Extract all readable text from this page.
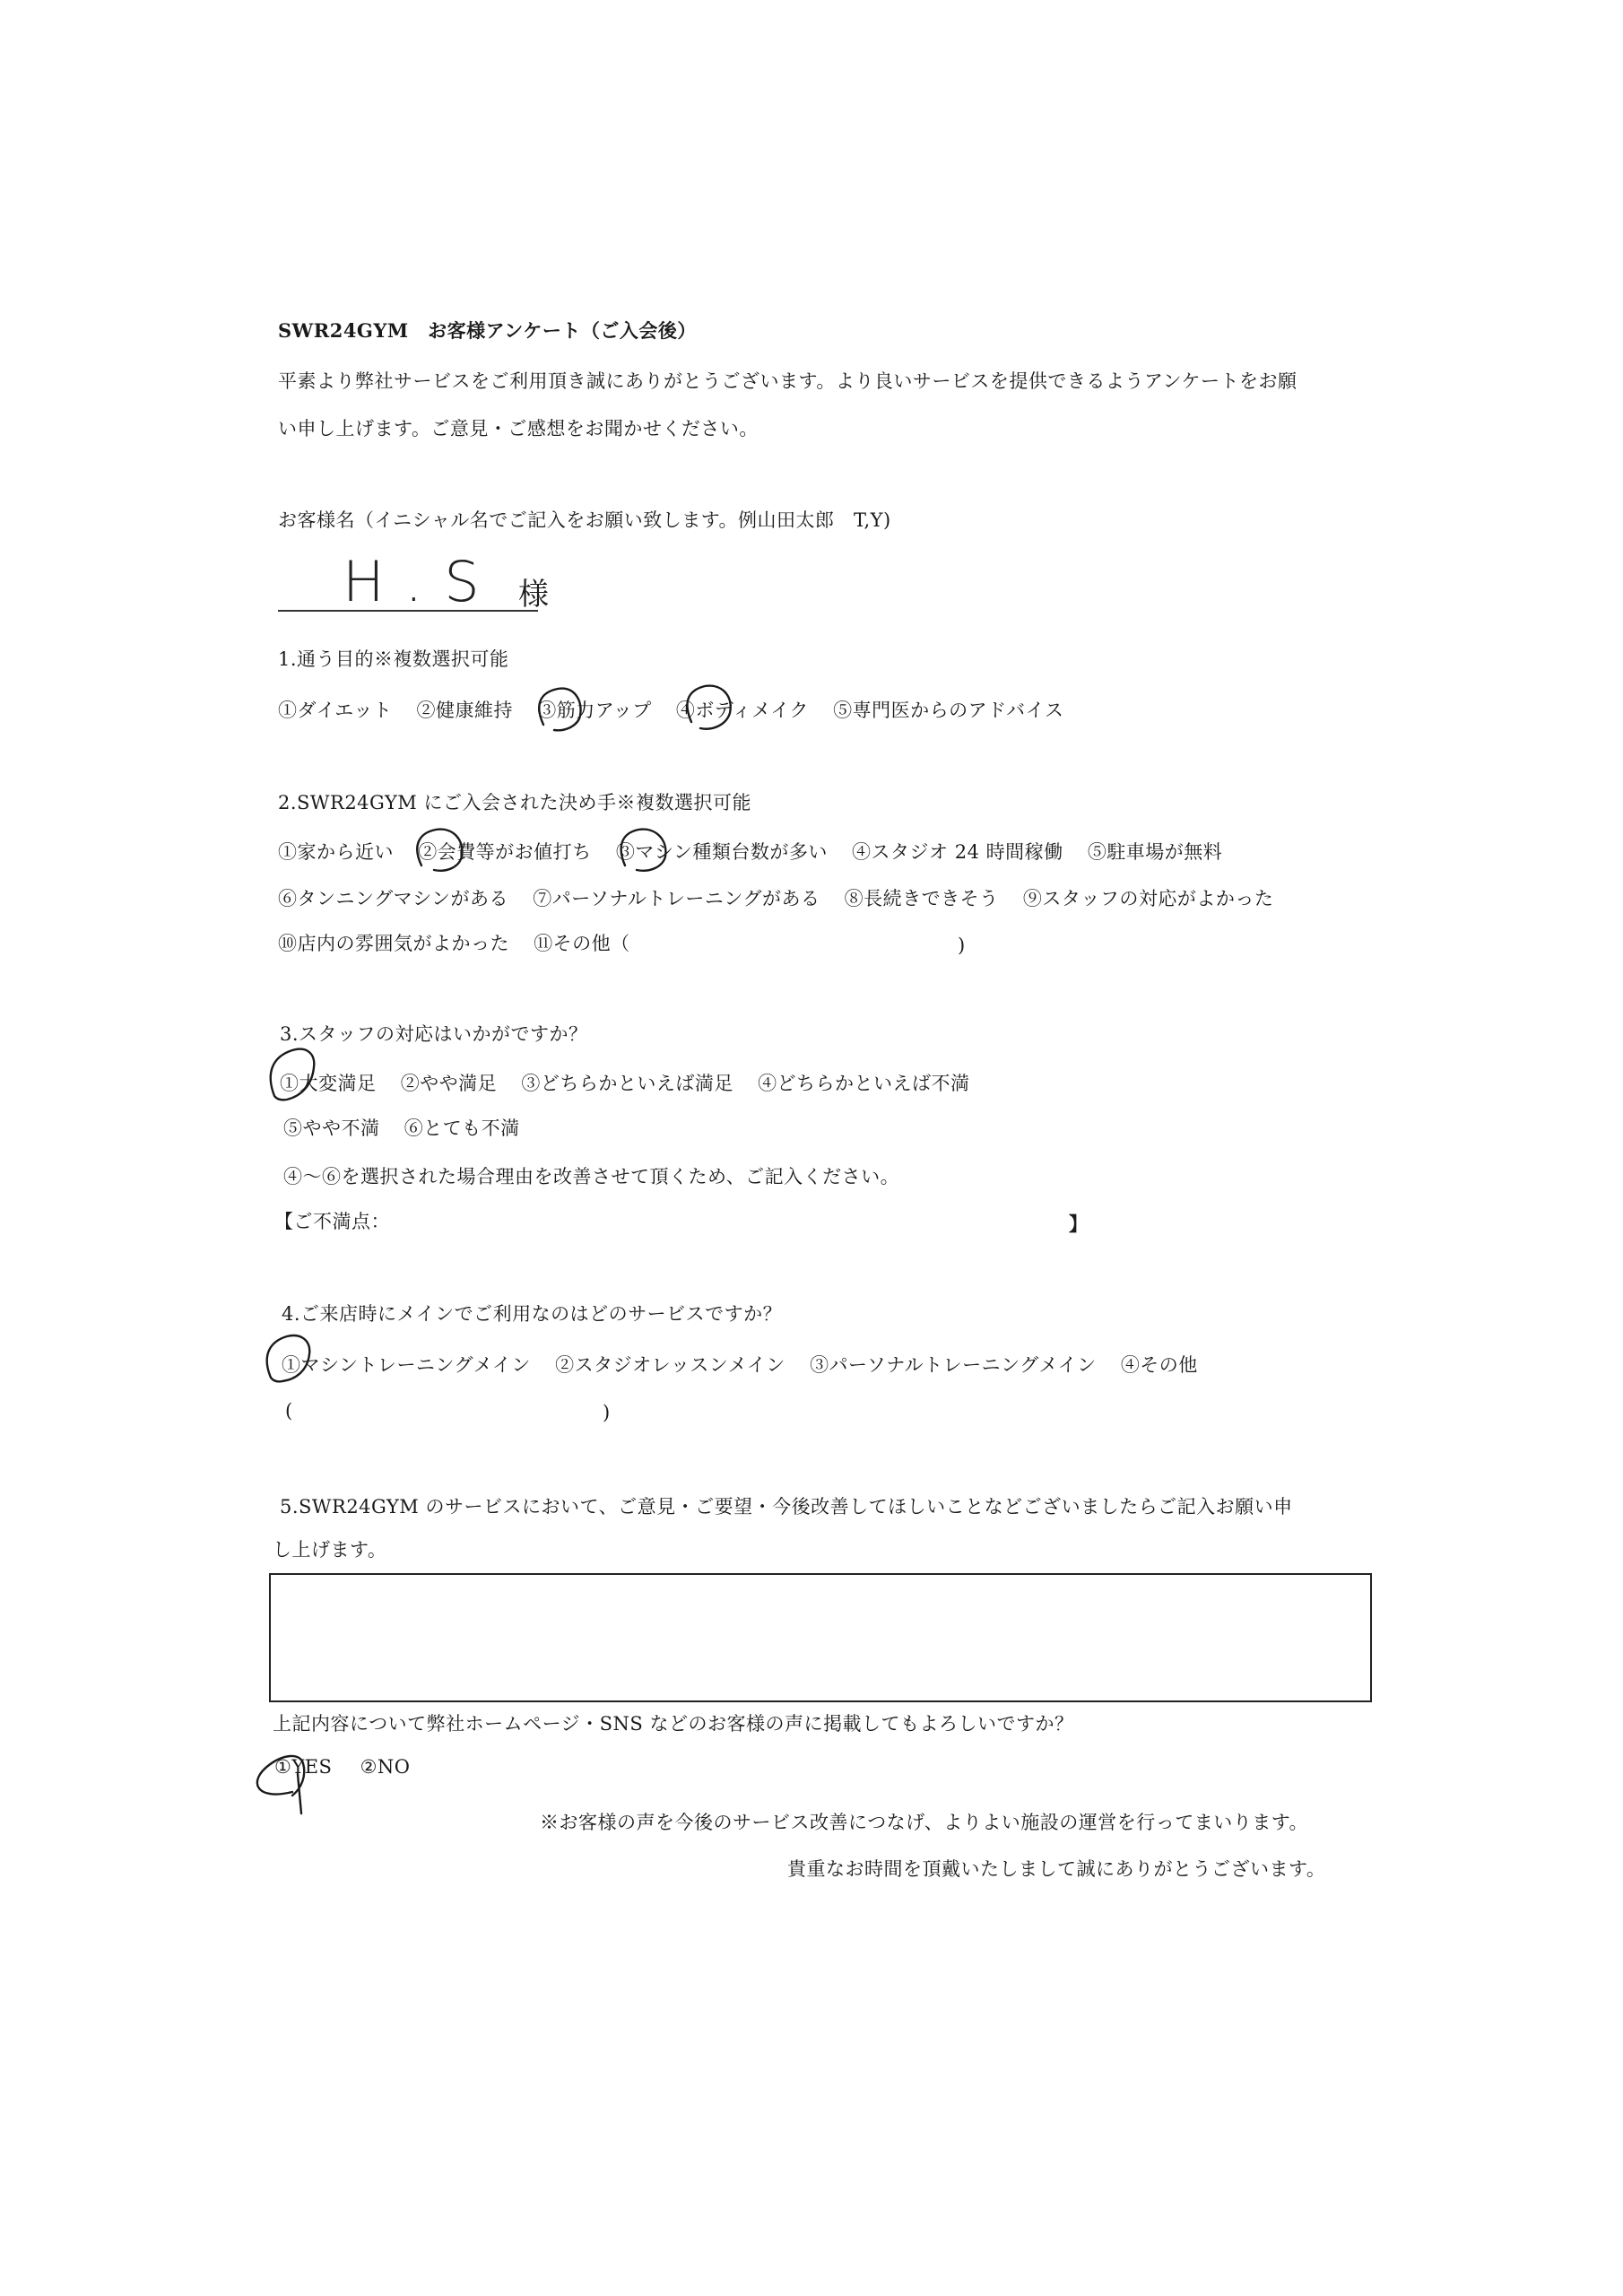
SWR24GYM　お客様アンケート（ご入会後）
平素より弊社サービスをご利用頂き誠にありがとうございます。より良いサービスを提供できるようアンケートをお願
い申し上げます。ご意見・ご感想をお聞かせください。
お客様名（イニシャル名でご記入をお願い致します。例山田太郎　T,Y)
H.S 様
1.通う目的※複数選択可能
①ダイエット ②健康維持 ③筋力アップ ④ボディメイク ⑤専門医からのアドバイス
2.SWR24GYM にご入会された決め手※複数選択可能
①家から近い ②会費等がお値打ち ③マシン種類台数が多い ④スタジオ 24 時間稼働 ⑤駐車場が無料
⑥タンニングマシンがある ⑦パーソナルトレーニングがある ⑧長続きできそう ⑨スタッフの対応がよかった
⑩店内の雰囲気がよかった ⑪その他（	)
3.スタッフの対応はいかがですか？
①大変満足 ②やや満足 ③どちらかといえば満足 ④どちらかといえば不満
⑤やや不満 ⑥とても不満
④～⑥を選択された場合理由を改善させて頂くため、ご記入ください。
【ご不満点：	】
4.ご来店時にメインでご利用なのはどのサービスですか？
①マシントレーニングメイン ②スタジオレッスンメイン ③パーソナルトレーニングメイン ④その他
(	)
5.SWR24GYM のサービスにおいて、ご意見・ご要望・今後改善してほしいことなどございましたらご記入お願い申
し上げます。
上記内容について弊社ホームページ・SNS などのお客様の声に掲載してもよろしいですか？
①YES ②NO
※お客様の声を今後のサービス改善につなげ、よりよい施設の運営を行ってまいります。
貴重なお時間を頂戴いたしまして誠にありがとうございます。
